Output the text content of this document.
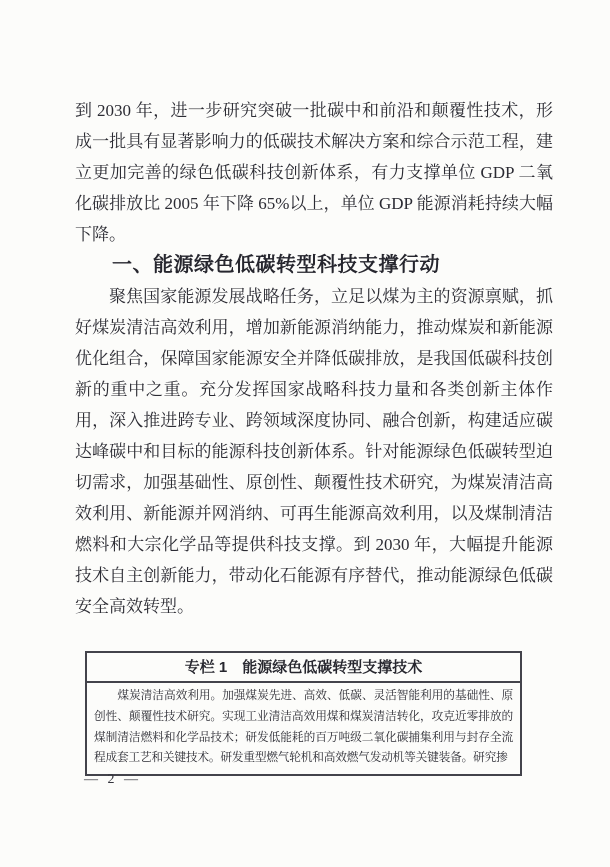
到 2030 年，进一步研究突破一批碳中和前沿和颠覆性技术，形成一批具有显著影响力的低碳技术解决方案和综合示范工程，建立更加完善的绿色低碳科技创新体系，有力支撑单位 GDP 二氧化碳排放比 2005 年下降 65%以上，单位 GDP 能源消耗持续大幅下降。

一、能源绿色低碳转型科技支撑行动

聚焦国家能源发展战略任务，立足以煤为主的资源禀赋，抓好煤炭清洁高效利用，增加新能源消纳能力，推动煤炭和新能源优化组合，保障国家能源安全并降低碳排放，是我国低碳科技创新的重中之重。充分发挥国家战略科技力量和各类创新主体作用，深入推进跨专业、跨领域深度协同、融合创新，构建适应碳达峰碳中和目标的能源科技创新体系。针对能源绿色低碳转型迫切需求，加强基础性、原创性、颠覆性技术研究，为煤炭清洁高效利用、新能源并网消纳、可再生能源高效利用，以及煤制清洁燃料和大宗化学品等提供科技支撑。到 2030 年，大幅提升能源技术自主创新能力，带动化石能源有序替代，推动能源绿色低碳安全高效转型。

专栏 1　能源绿色低碳转型支撑技术
煤炭清洁高效利用。加强煤炭先进、高效、低碳、灵活智能利用的基础性、原创性、颠覆性技术研究。实现工业清洁高效用煤和煤炭清洁转化，攻克近零排放的煤制清洁燃料和化学品技术；研发低能耗的百万吨级二氧化碳捕集利用与封存全流程成套工艺和关键技术。研发重型燃气轮机和高效燃气发动机等关键装备。研究掺
— 2 —
